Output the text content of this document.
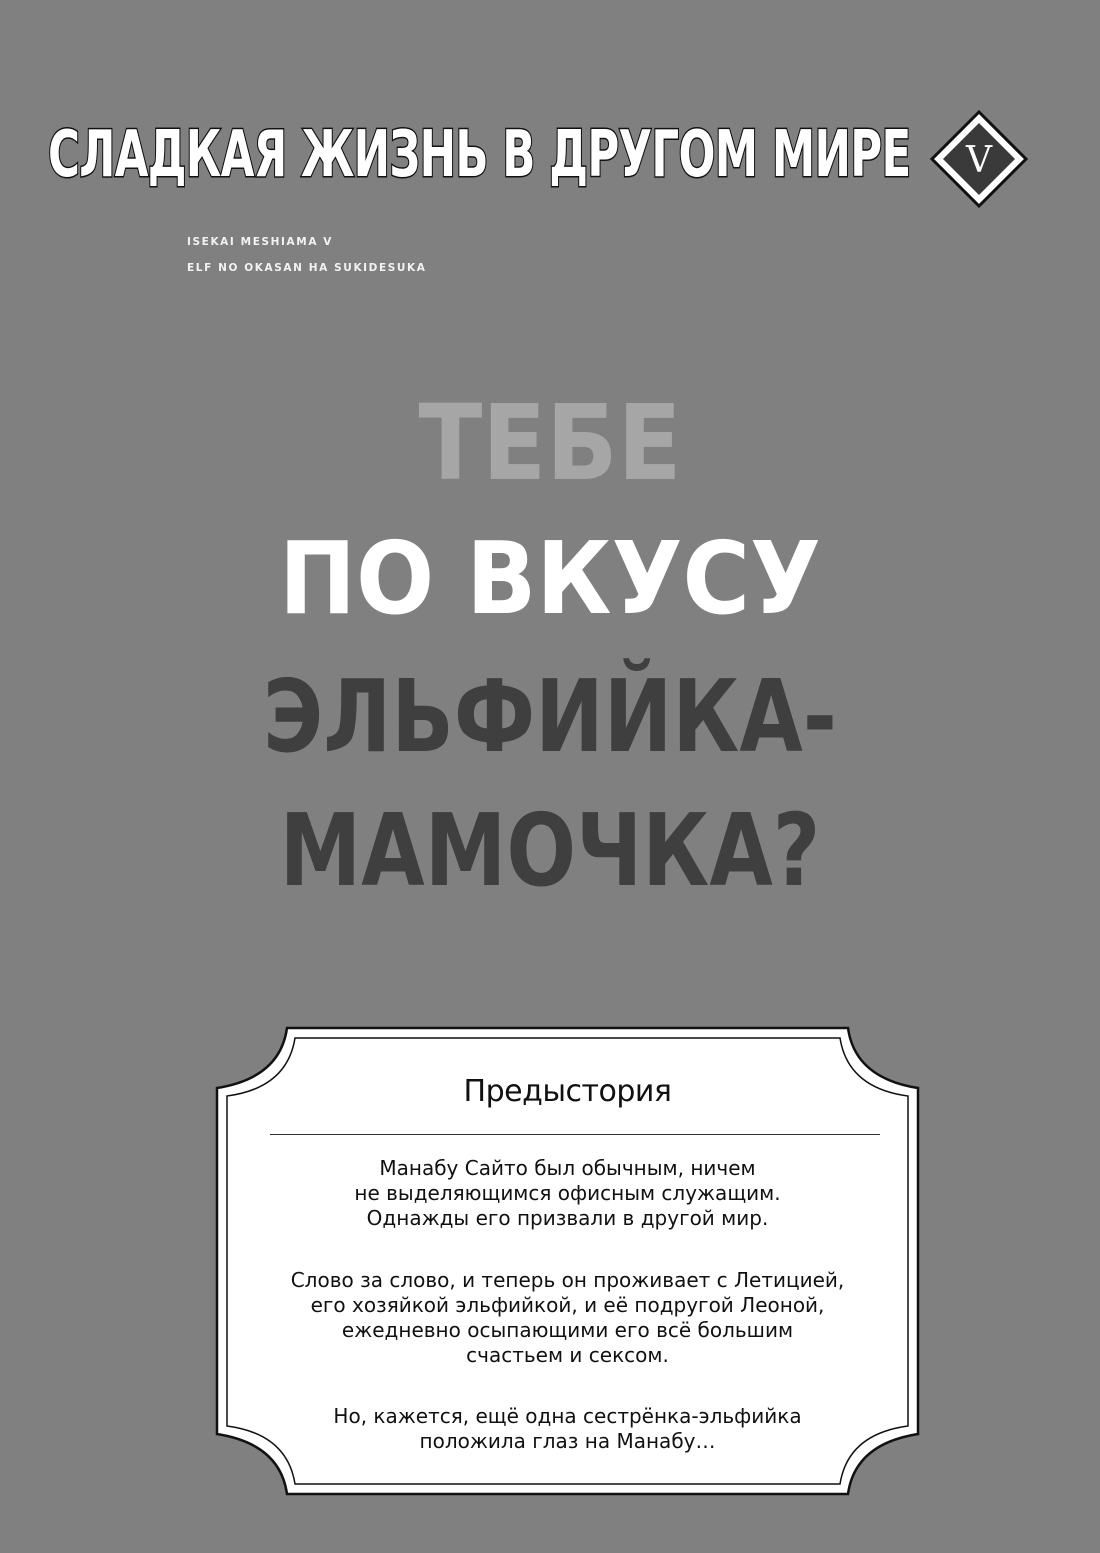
СЛАДКАЯ ЖИЗНЬ В ДРУГОМ МИРЕ V
ISEKAI MESHIAMA V
ELF NO OKASAN HA SUKIDESUKA
ТЕБЕ
ПО ВКУСУ
ЭЛЬФИЙКА-
МАМОЧКА?
Предыстория
Манабу Сайто был обычным, ничем
не выделяющимся офисным служащим.
Однажды его призвали в другой мир.
Слово за слово, и теперь он проживает с Летицией,
его хозяйкой эльфийкой, и её подругой Леоной,
ежедневно осыпающими его всё большим
счастьем и сексом.
Но, кажется, ещё одна сестрёнка-эльфийка
положила глаз на Манабу…
